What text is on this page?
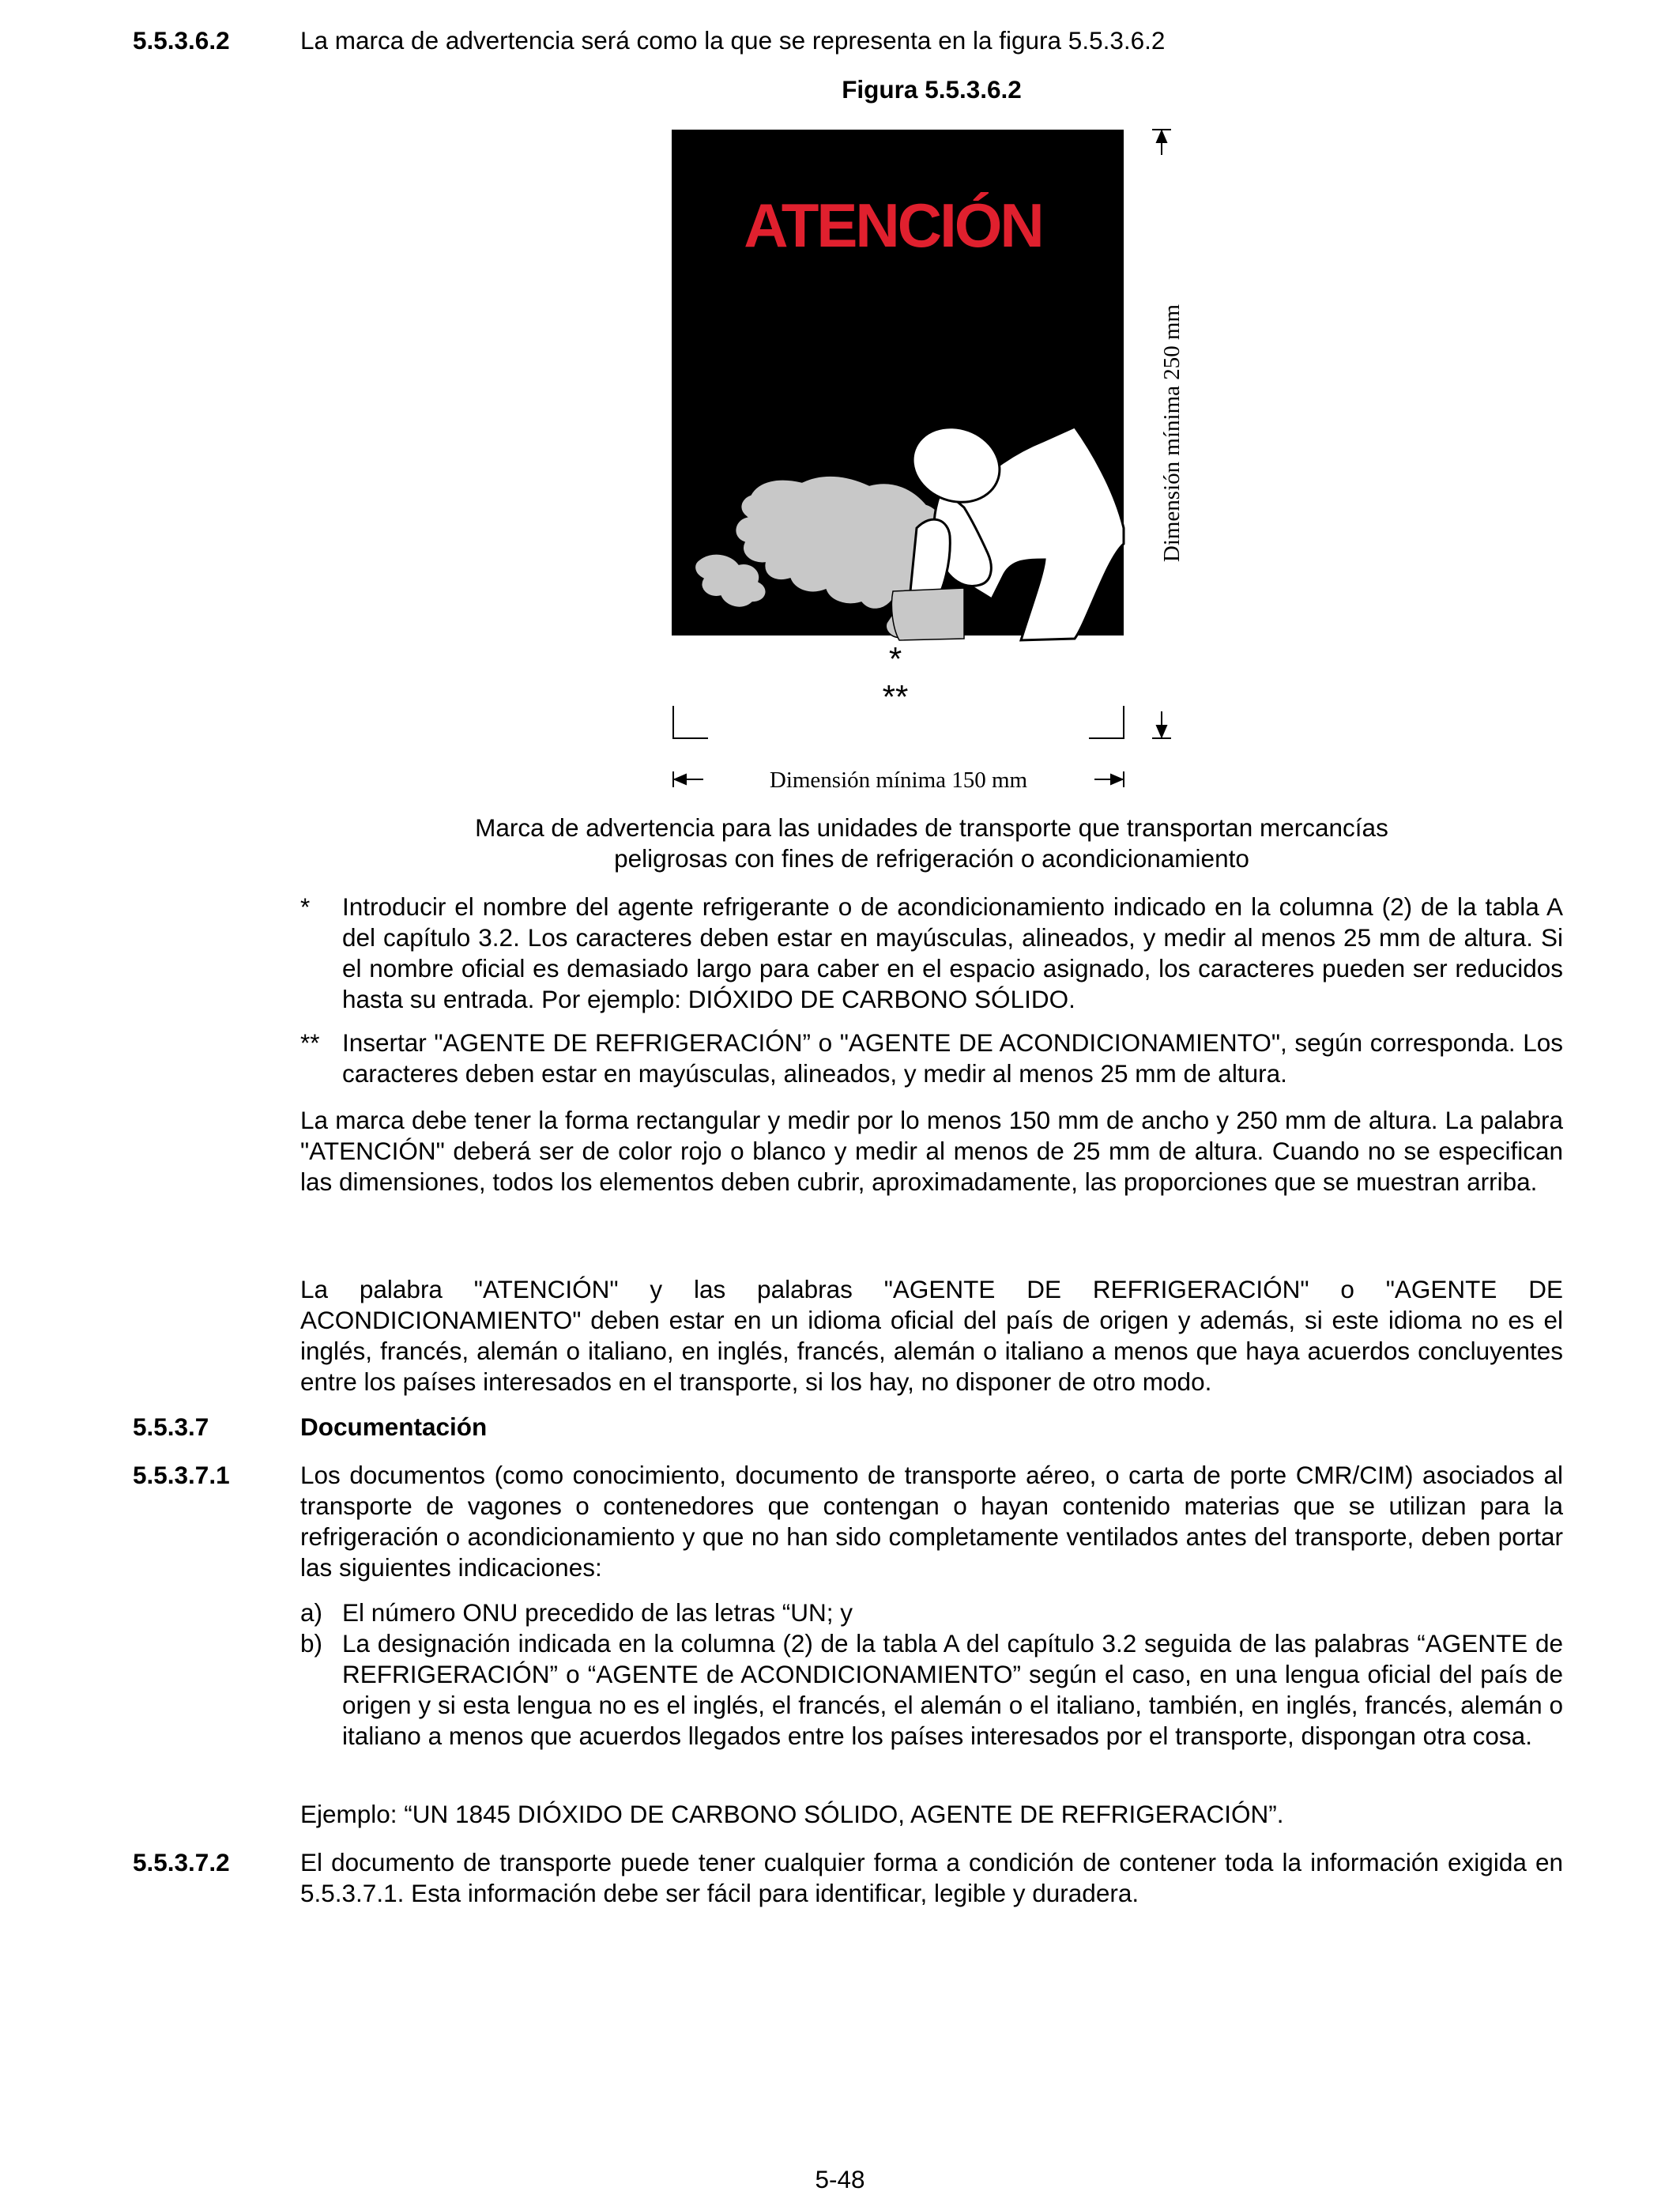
5.5.3.6.2	La marca de advertencia será como la que se representa en la figura 5.5.3.6.2
Figura 5.5.3.6.2
ATENCIÓN
*
**
Dimensión mínima 150 mm
Dimensión mínima 250 mm
Marca de advertencia para las unidades de transporte que transportan mercancías
peligrosas con fines de refrigeración o acondicionamiento
* Introducir el nombre del agente refrigerante o de acondicionamiento indicado en la columna (2) de la tabla A del capítulo 3.2. Los caracteres deben estar en mayúsculas, alineados, y medir al menos 25 mm de altura. Si el nombre oficial es demasiado largo para caber en el espacio asignado, los caracteres pueden ser reducidos hasta su entrada. Por ejemplo: DIÓXIDO DE CARBONO SÓLIDO.
** Insertar "AGENTE DE REFRIGERACIÓN” o "AGENTE DE ACONDICIONAMIENTO", según corresponda. Los caracteres deben estar en mayúsculas, alineados, y medir al menos 25 mm de altura.
La marca debe tener la forma rectangular y medir por lo menos 150 mm de ancho y 250 mm de altura. La palabra "ATENCIÓN" deberá ser de color rojo o blanco y medir al menos de 25 mm de altura. Cuando no se especifican las dimensiones, todos los elementos deben cubrir, aproximadamente, las proporciones que se muestran arriba.
La palabra "ATENCIÓN" y las palabras "AGENTE DE REFRIGERACIÓN" o "AGENTE DE ACONDICIONAMIENTO" deben estar en un idioma oficial del país de origen y además, si este idioma no es el inglés, francés, alemán o italiano, en inglés, francés, alemán o italiano a menos que haya acuerdos concluyentes entre los países interesados en el transporte, si los hay, no disponer de otro modo.
5.5.3.7	Documentación
5.5.3.7.1	Los documentos (como conocimiento, documento de transporte aéreo, o carta de porte CMR/CIM) asociados al transporte de vagones o contenedores que contengan o hayan contenido materias que se utilizan para la refrigeración o acondicionamiento y que no han sido completamente ventilados antes del transporte, deben portar las siguientes indicaciones:
a) El número ONU precedido de las letras “UN; y
b) La designación indicada en la columna (2) de la tabla A del capítulo 3.2 seguida de las palabras “AGENTE de REFRIGERACIÓN” o “AGENTE de ACONDICIONAMIENTO” según el caso, en una lengua oficial del país de origen y si esta lengua no es el inglés, el francés, el alemán o el italiano, también, en inglés, francés, alemán o italiano a menos que acuerdos llegados entre los países interesados por el transporte, dispongan otra cosa.
Ejemplo: “UN 1845 DIÓXIDO DE CARBONO SÓLIDO, AGENTE DE REFRIGERACIÓN”.
5.5.3.7.2	El documento de transporte puede tener cualquier forma a condición de contener toda la información exigida en 5.5.3.7.1. Esta información debe ser fácil para identificar, legible y duradera.
5-48
